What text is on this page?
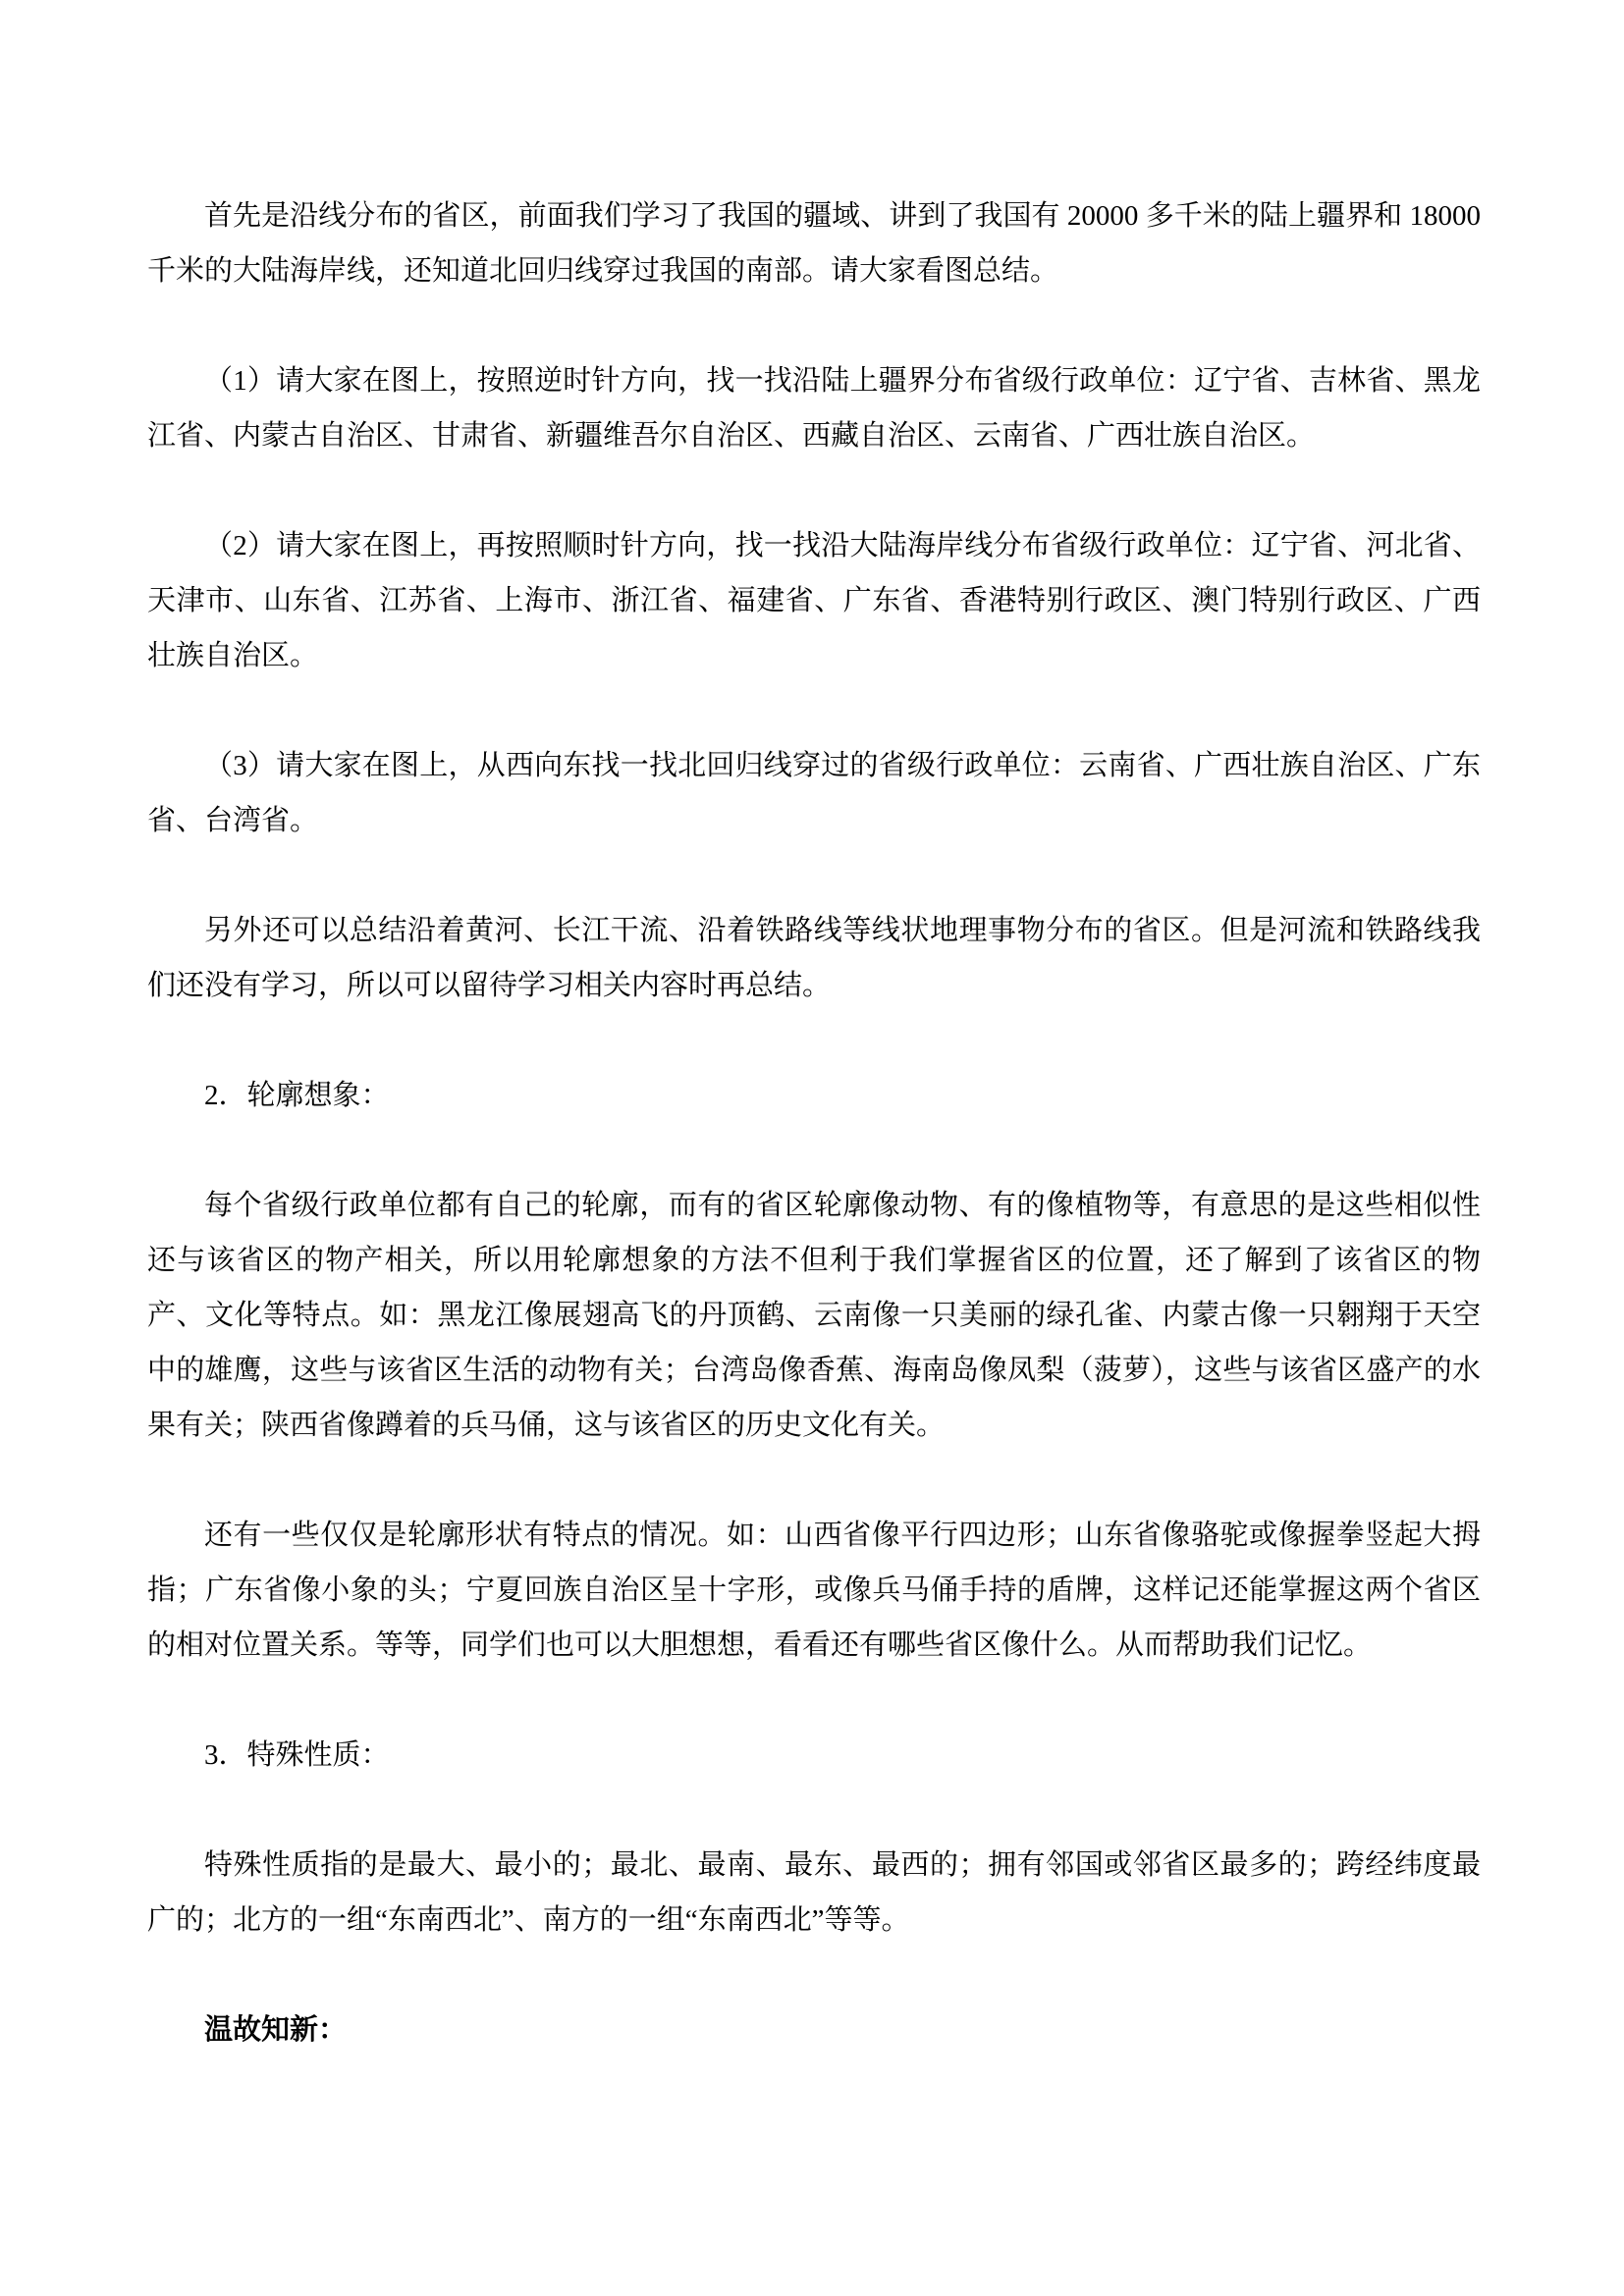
首先是沿线分布的省区，前面我们学习了我国的疆域、讲到了我国有 20000 多千米的陆上疆界和 18000 千米的大陆海岸线，还知道北回归线穿过我国的南部。请大家看图总结。

（1）请大家在图上，按照逆时针方向，找一找沿陆上疆界分布省级行政单位：辽宁省、吉林省、黑龙江省、内蒙古自治区、甘肃省、新疆维吾尔自治区、西藏自治区、云南省、广西壮族自治区。

（2）请大家在图上，再按照顺时针方向，找一找沿大陆海岸线分布省级行政单位：辽宁省、河北省、天津市、山东省、江苏省、上海市、浙江省、福建省、广东省、香港特别行政区、澳门特别行政区、广西壮族自治区。

（3）请大家在图上，从西向东找一找北回归线穿过的省级行政单位：云南省、广西壮族自治区、广东省、台湾省。

另外还可以总结沿着黄河、长江干流、沿着铁路线等线状地理事物分布的省区。但是河流和铁路线我们还没有学习，所以可以留待学习相关内容时再总结。

2．轮廓想象：

每个省级行政单位都有自己的轮廓，而有的省区轮廓像动物、有的像植物等，有意思的是这些相似性还与该省区的物产相关，所以用轮廓想象的方法不但利于我们掌握省区的位置，还了解到了该省区的物产、文化等特点。如：黑龙江像展翅高飞的丹顶鹤、云南像一只美丽的绿孔雀、内蒙古像一只翱翔于天空中的雄鹰，这些与该省区生活的动物有关；台湾岛像香蕉、海南岛像凤梨（菠萝），这些与该省区盛产的水果有关；陕西省像蹲着的兵马俑，这与该省区的历史文化有关。

还有一些仅仅是轮廓形状有特点的情况。如：山西省像平行四边形；山东省像骆驼或像握拳竖起大拇指；广东省像小象的头；宁夏回族自治区呈十字形，或像兵马俑手持的盾牌，这样记还能掌握这两个省区的相对位置关系。等等，同学们也可以大胆想想，看看还有哪些省区像什么。从而帮助我们记忆。

3．特殊性质：

特殊性质指的是最大、最小的；最北、最南、最东、最西的；拥有邻国或邻省区最多的；跨经纬度最广的；北方的一组“东南西北”、南方的一组“东南西北”等等。

温故知新：
